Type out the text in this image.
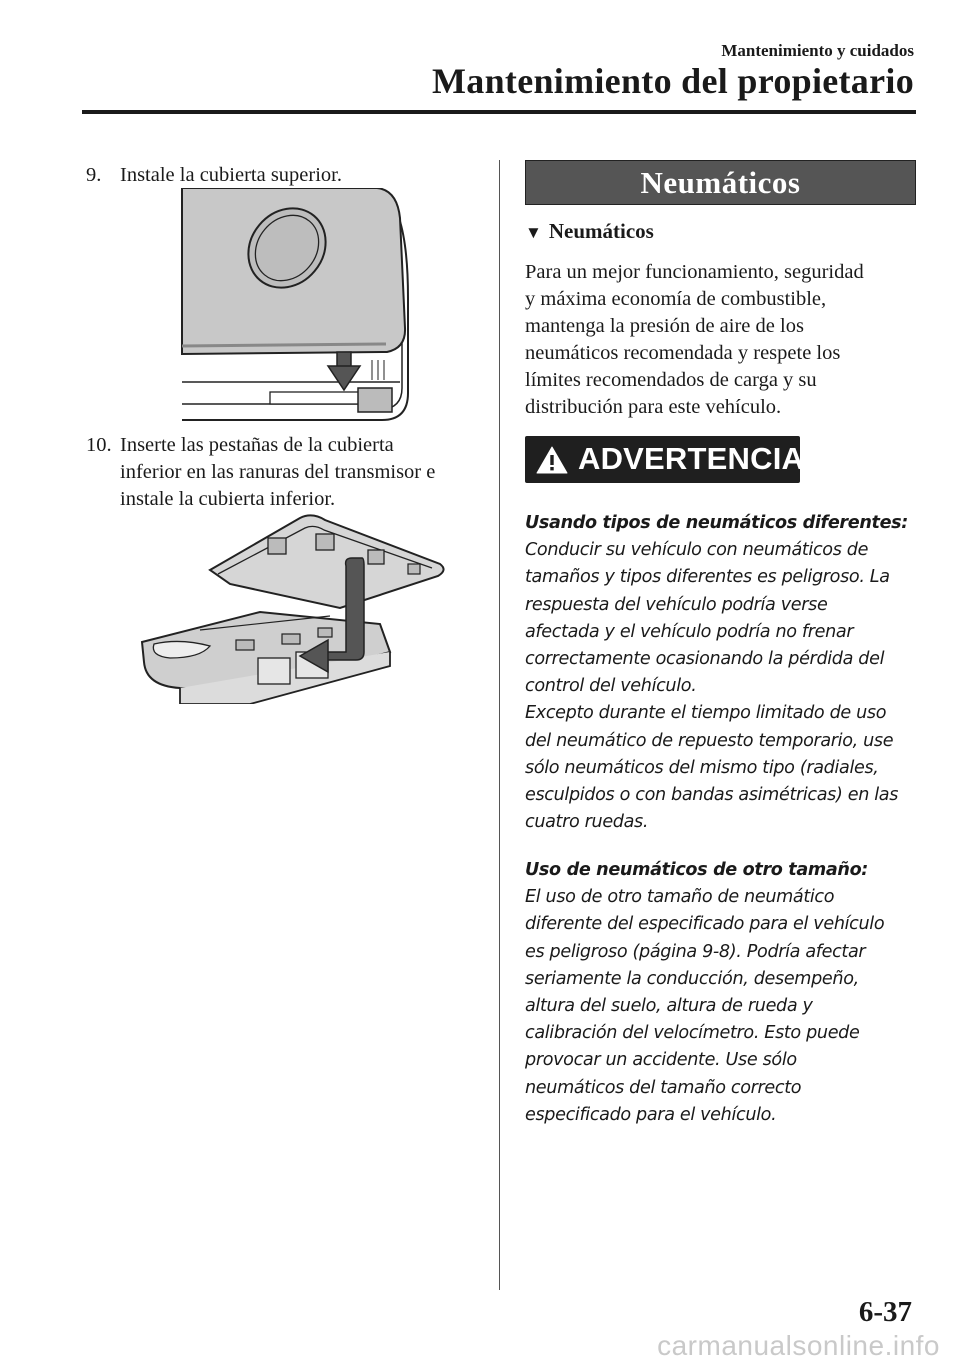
Mantenimiento y cuidados
Mantenimiento del propietario
9. Instale la cubierta superior.
10. Inserte las pestañas de la cubierta
inferior en las ranuras del transmisor e
instale la cubierta inferior.
Neumáticos
▼ Neumáticos
Para un mejor funcionamiento, seguridad
y máxima economía de combustible,
mantenga la presión de aire de los
neumáticos recomendada y respete los
límites recomendados de carga y su
distribución para este vehículo.
ADVERTENCIA
Usando tipos de neumáticos diferentes:
Conducir su vehículo con neumáticos de
tamaños y tipos diferentes es peligroso. La
respuesta del vehículo podría verse
afectada y el vehículo podría no frenar
correctamente ocasionando la pérdida del
control del vehículo.
Excepto durante el tiempo limitado de uso
del neumático de repuesto temporario, use
sólo neumáticos del mismo tipo (radiales,
esculpidos o con bandas asimétricas) en las
cuatro ruedas.
Uso de neumáticos de otro tamaño:
El uso de otro tamaño de neumático
diferente del especificado para el vehículo
es peligroso (página 9-8). Podría afectar
seriamente la conducción, desempeño,
altura del suelo, altura de rueda y
calibración del velocímetro. Esto puede
provocar un accidente. Use sólo
neumáticos del tamaño correcto
especificado para el vehículo.
6-37
carmanualsonline.info
